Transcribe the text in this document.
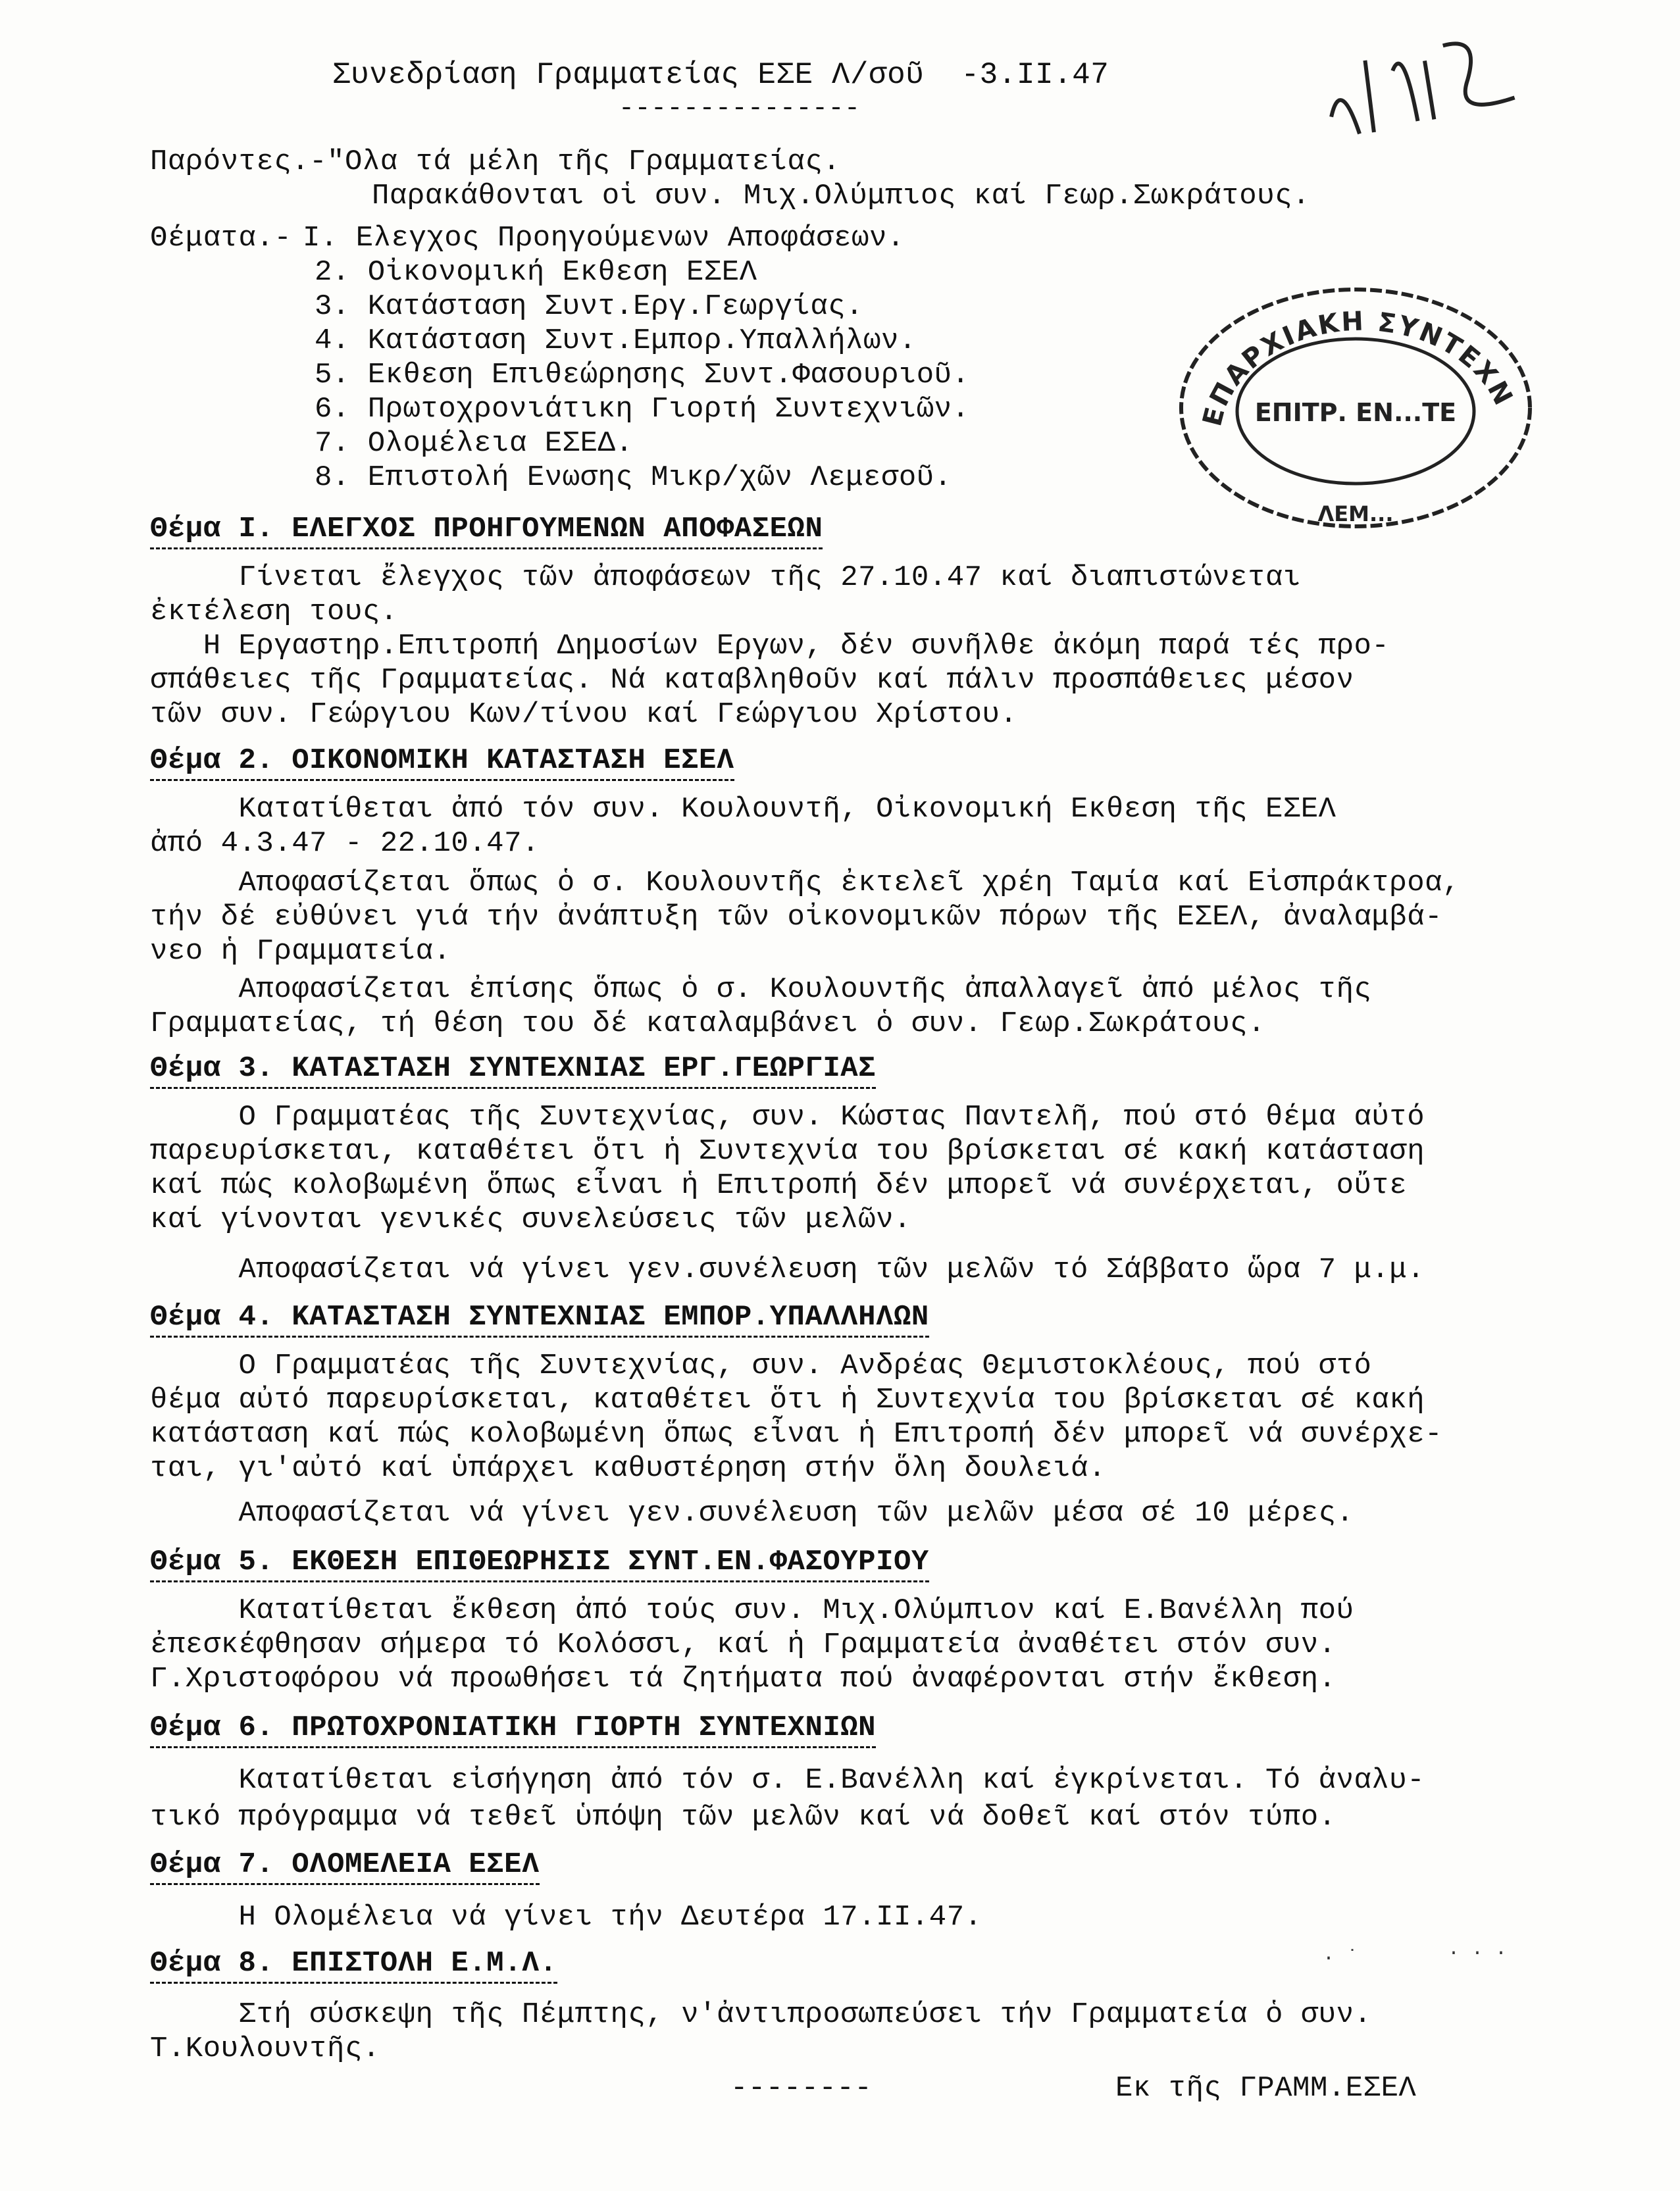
Συνεδρίαση Γραμματείας ΕΣΕ Λ/σοῦ  -3.ΙΙ.47
---------------
Παρόντες.-"Ολα τά μέλη τῆς Γραμματείας.
Παρακάθονται οἱ συν. Μιχ.Ολύμπιος καί Γεωρ.Σωκράτους.
Θέματα.- Ι. Ελεγχος Προηγούμενων Αποφάσεων.
2. Οἰκονομική Εκθεση ΕΣΕΛ
3. Κατάσταση Συντ.Εργ.Γεωργίας.
4. Κατάσταση Συντ.Εμπορ.Υπαλλήλων.
5. Εκθεση Επιθεώρησης Συντ.Φασουριοῦ.
6. Πρωτοχρονιάτικη Γιορτή Συντεχνιῶν.
7. Ολομέλεια ΕΣΕΔ.
8. Επιστολή Ενωσης Μικρ/χῶν Λεμεσοῦ.
ΕΠΑΡΧΙΑΚΗ ΣΥΝΤΕΧΝ
ΕΠΙΤΡ. ΕΝ...ΤΕ
ΛΕΜ...
Θέμα Ι. ΕΛΕΓΧΟΣ ΠΡΟΗΓΟΥΜΕΝΩΝ ΑΠΟΦΑΣΕΩΝ
Γίνεται ἔλεγχος τῶν ἀποφάσεων τῆς 27.10.47 καί διαπιστώνεται
ἐκτέλεση τους.
Η Εργαστηρ.Επιτροπή Δημοσίων Εργων, δέν συνῆλθε ἀκόμη παρά τές προ-
σπάθειες τῆς Γραμματείας. Νά καταβληθοῦν καί πάλιν προσπάθειες μέσον
τῶν συν. Γεώργιου Κων/τίνου καί Γεώργιου Χρίστου.
Θέμα 2. ΟΙΚΟΝΟΜΙΚΗ ΚΑΤΑΣΤΑΣΗ ΕΣΕΛ
Κατατίθεται ἀπό τόν συν. Κουλουντῆ, Οἰκονομική Εκθεση τῆς ΕΣΕΛ
ἀπό 4.3.47 - 22.10.47.
Αποφασίζεται ὅπως ὁ σ. Κουλουντῆς ἐκτελεῖ χρέη Ταμία καί Εἰσπράκτροα,
τήν δέ εὐθύνει γιά τήν ἀνάπτυξη τῶν οἰκονομικῶν πόρων τῆς ΕΣΕΛ, ἀναλαμβά-
νεο ἡ Γραμματεία.
Αποφασίζεται ἐπίσης ὅπως ὁ σ. Κουλουντῆς ἀπαλλαγεῖ ἀπό μέλος τῆς
Γραμματείας, τή θέση του δέ καταλαμβάνει ὁ συν. Γεωρ.Σωκράτους.
Θέμα 3. ΚΑΤΑΣΤΑΣΗ ΣΥΝΤΕΧΝΙΑΣ ΕΡΓ.ΓΕΩΡΓΙΑΣ
Ο Γραμματέας τῆς Συντεχνίας, συν. Κώστας Παντελῆ, πού στό θέμα αὐτό
παρευρίσκεται, καταθέτει ὅτι ἡ Συντεχνία του βρίσκεται σέ κακή κατάσταση
καί πώς κολοβωμένη ὅπως εἶναι ἡ Επιτροπή δέν μπορεῖ νά συνέρχεται, οὔτε
καί γίνονται γενικές συνελεύσεις τῶν μελῶν.
Αποφασίζεται νά γίνει γεν.συνέλευση τῶν μελῶν τό Σάββατο ὥρα 7 μ.μ.
Θέμα 4. ΚΑΤΑΣΤΑΣΗ ΣΥΝΤΕΧΝΙΑΣ ΕΜΠΟΡ.ΥΠΑΛΛΗΛΩΝ
Ο Γραμματέας τῆς Συντεχνίας, συν. Ανδρέας Θεμιστοκλέους, πού στό
θέμα αὐτό παρευρίσκεται, καταθέτει ὅτι ἡ Συντεχνία του βρίσκεται σέ κακή
κατάσταση καί πώς κολοβωμένη ὅπως εἶναι ἡ Επιτροπή δέν μπορεῖ νά συνέρχε-
ται, γι'αὐτό καί ὑπάρχει καθυστέρηση στήν ὅλη δουλειά.
Αποφασίζεται νά γίνει γεν.συνέλευση τῶν μελῶν μέσα σέ 10 μέρες.
Θέμα 5. ΕΚΘΕΣΗ ΕΠΙΘΕΩΡΗΣΙΣ ΣΥΝΤ.ΕΝ.ΦΑΣΟΥΡΙΟΥ
Κατατίθεται ἔκθεση ἀπό τούς συν. Μιχ.Ολύμπιον καί Ε.Βανέλλη πού
ἐπεσκέφθησαν σήμερα τό Κολόσσι, καί ἡ Γραμματεία ἀναθέτει στόν συν.
Γ.Χριστοφόρου νά προωθήσει τά ζητήματα πού ἀναφέρονται στήν ἔκθεση.
Θέμα 6. ΠΡΩΤΟΧΡΟΝΙΑΤΙΚΗ ΓΙΟΡΤΗ ΣΥΝΤΕΧΝΙΩΝ
Κατατίθεται εἰσήγηση ἀπό τόν σ. Ε.Βανέλλη καί ἐγκρίνεται. Τό ἀναλυ-
τικό πρόγραμμα νά τεθεῖ ὑπόψη τῶν μελῶν καί νά δοθεῖ καί στόν τύπο.
Θέμα 7. ΟΛΟΜΕΛΕΙΑ ΕΣΕΛ
Η Ολομέλεια νά γίνει τήν Δευτέρα 17.ΙΙ.47.
Θέμα 8. ΕΠΙΣΤΟΛΗ Ε.Μ.Λ.	· ˙	· · ·
Στή σύσκεψη τῆς Πέμπτης, ν'ἀντιπροσωπεύσει τήν Γραμματεία ὁ συν.
Τ.Κουλουντῆς.
--------	Εκ τῆς ΓΡΑΜΜ.ΕΣΕΛ
